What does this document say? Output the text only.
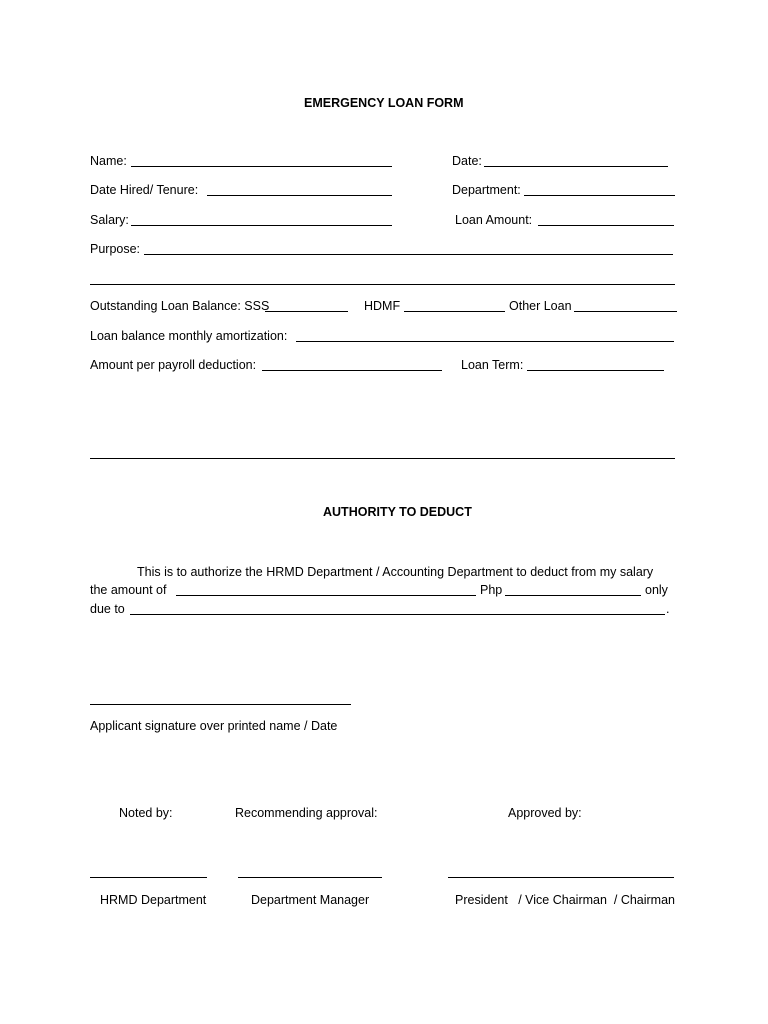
EMERGENCY LOAN FORM
Name:	Date:
Date Hired/ Tenure:	Department:
Salary:	Loan Amount:
Purpose:
Outstanding Loan Balance: SSS	HDMF	Other Loan
Loan balance monthly amortization:
Amount per payroll deduction:	Loan Term:
AUTHORITY TO DEDUCT
This is to authorize the HRMD Department / Accounting Department to deduct from my salary
the amount of	Php	only
due to	.
Applicant signature over printed name / Date
Noted by:	Recommending approval:	Approved by:
HRMD Department	Department Manager	President   / Vice Chairman  / Chairman
